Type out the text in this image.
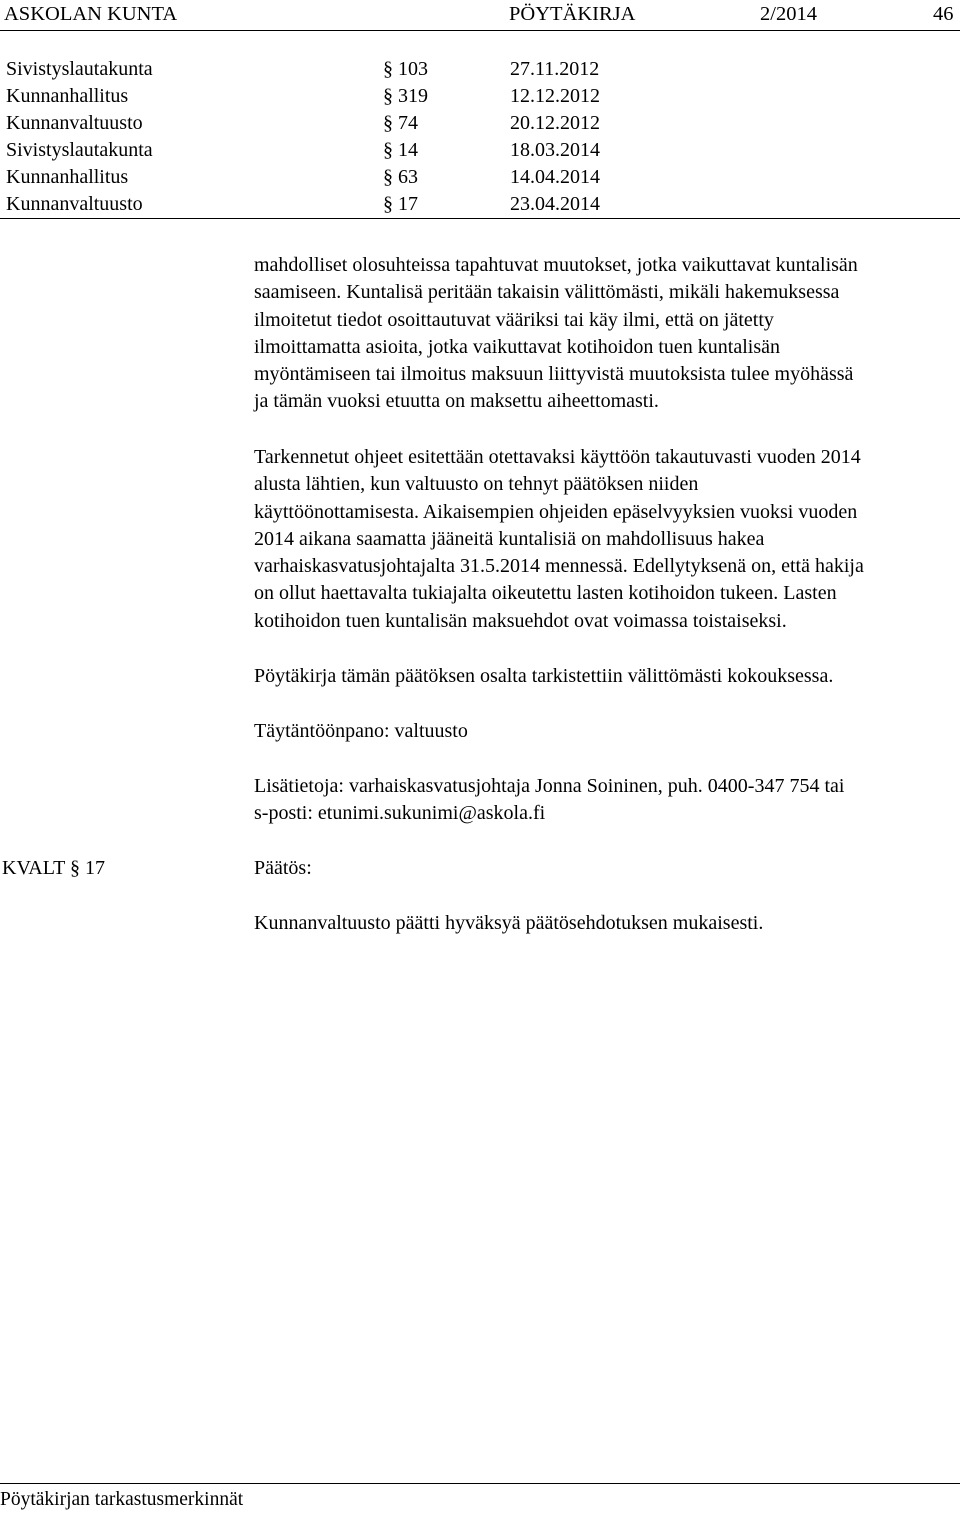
ASKOLAN KUNTA	PÖYTÄKIRJA	2/2014	46
Sivistyslautakunta	§ 103	27.11.2012
Kunnanhallitus	§ 319	12.12.2012
Kunnanvaltuusto	§ 74	20.12.2012
Sivistyslautakunta	§ 14	18.03.2014
Kunnanhallitus	§ 63	14.04.2014
Kunnanvaltuusto	§ 17	23.04.2014
mahdolliset olosuhteissa tapahtuvat muutokset, jotka vaikuttavat kuntalisän
saamiseen. Kuntalisä peritään takaisin välittömästi, mikäli hakemuksessa
ilmoitetut tiedot osoittautuvat vääriksi tai käy ilmi, että on jätetty
ilmoittamatta asioita, jotka vaikuttavat kotihoidon tuen kuntalisän
myöntämiseen tai ilmoitus maksuun liittyvistä muutoksista tulee myöhässä
ja tämän vuoksi etuutta on maksettu aiheettomasti.
Tarkennetut ohjeet esitettään otettavaksi käyttöön takautuvasti vuoden 2014
alusta lähtien, kun valtuusto on tehnyt päätöksen niiden
käyttöönottamisesta. Aikaisempien ohjeiden epäselvyyksien vuoksi vuoden
2014 aikana saamatta jääneitä kuntalisiä on mahdollisuus hakea
varhaiskasvatusjohtajalta 31.5.2014 mennessä. Edellytyksenä on, että hakija
on ollut haettavalta tukiajalta oikeutettu lasten kotihoidon tukeen. Lasten
kotihoidon tuen kuntalisän maksuehdot ovat voimassa toistaiseksi.
Pöytäkirja tämän päätöksen osalta tarkistettiin välittömästi kokouksessa.
Täytäntöönpano: valtuusto
Lisätietoja: varhaiskasvatusjohtaja Jonna Soininen, puh. 0400-347 754 tai
s-posti: etunimi.sukunimi@askola.fi
KVALT § 17	Päätös:
Kunnanvaltuusto päätti hyväksyä päätösehdotuksen mukaisesti.
Pöytäkirjan tarkastusmerkinnät
